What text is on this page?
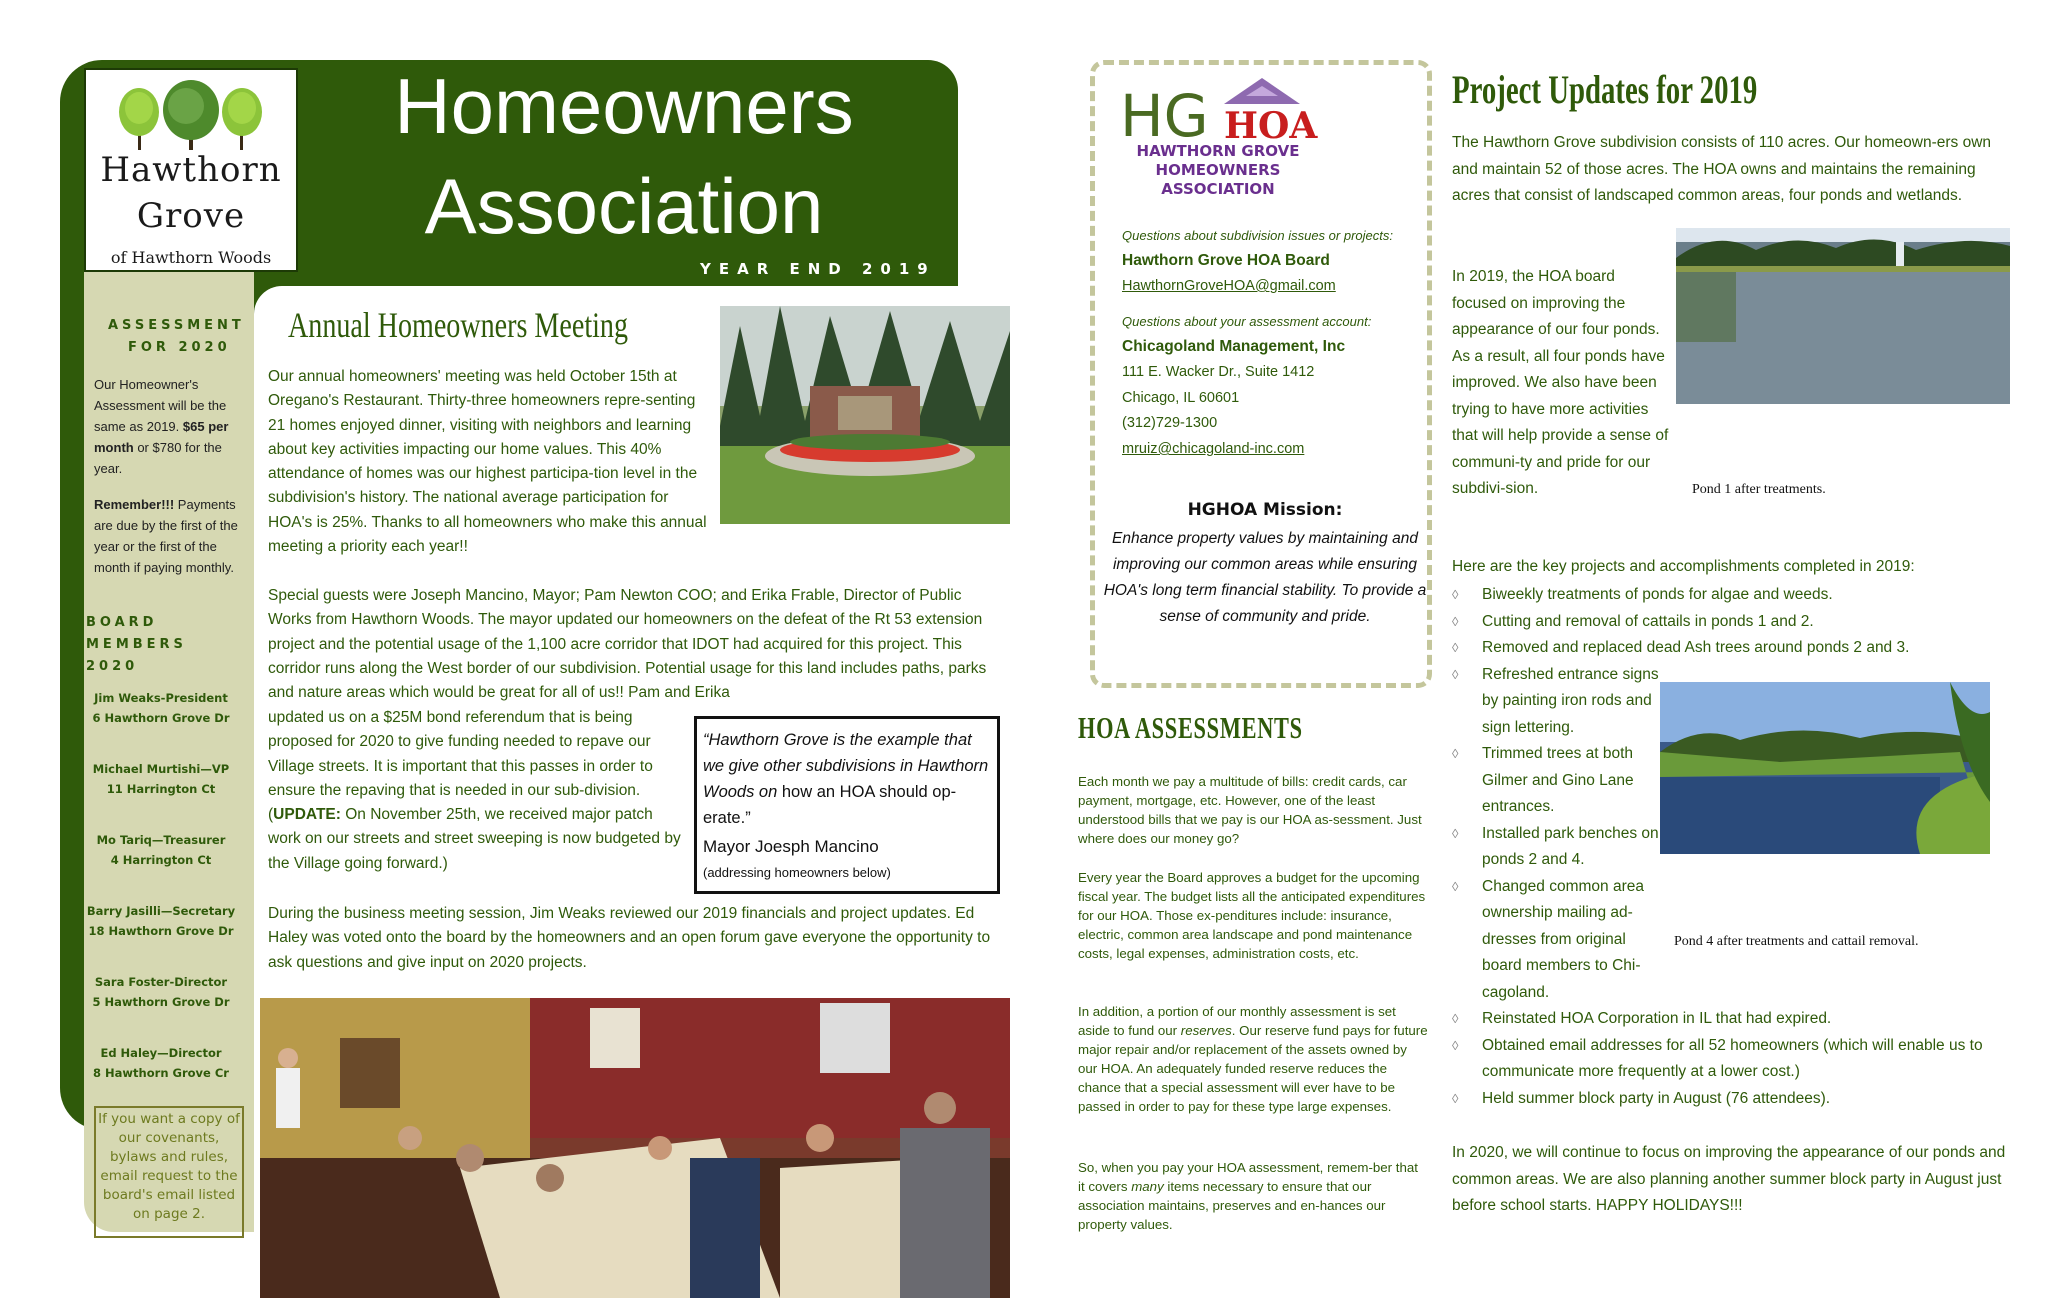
Hawthorn
Grove
of Hawthorn Woods
Homeowners
Association
YEAR END 2019
ASSESSMENT
FOR 2020
Our Homeowner's Assessment will be the same as 2019. $65 per month or $780 for the year.
Remember!!! Payments are due by the first of the year or the first of the month if paying monthly.
BOARD
MEMBERS
2020
Jim Weaks-President
6 Hawthorn Grove Dr
Michael Murtishi—VP
11 Harrington Ct
Mo Tariq—Treasurer
4 Harrington Ct
Barry Jasilli—Secretary
18 Hawthorn Grove Dr
Sara Foster-Director
5 Hawthorn Grove Dr
Ed Haley—Director
8 Hawthorn Grove Cr
If you want a copy of our covenants, bylaws and rules, email request to the board's email listed on page 2.
Annual Homeowners Meeting
Our annual homeowners' meeting was held October 15th at Oregano's Restaurant. Thirty-three homeowners repre-senting 21 homes enjoyed dinner, visiting with neighbors and learning about key activities impacting our home values. This 40% attendance of homes was our highest participa-tion level in the subdivision's history. The national average participation for HOA's is 25%. Thanks to all homeowners who make this annual meeting a priority each year!!
Special guests were Joseph Mancino, Mayor; Pam Newton COO; and Erika Frable, Director of Public Works from Hawthorn Woods. The mayor updated our homeowners on the defeat of the Rt 53 extension project and the potential usage of the 1,100 acre corridor that IDOT had acquired for this project. This corridor runs along the West border of our subdivision. Potential usage for this land includes paths, parks and nature areas which would be great for all of us!! Pam and Erika
updated us on a $25M bond referendum that is being proposed for 2020 to give funding needed to repave our Village streets. It is important that this passes in order to ensure the repaving that is needed in our sub-division. (UPDATE: On November 25th, we received major patch work on our streets and street sweeping is now budgeted by the Village going forward.)
“Hawthorn Grove is the example that we give other subdivisions in Hawthorn Woods on how an HOA should op-erate.”
Mayor Joesph Mancino
(addressing homeowners below)
During the business meeting session, Jim Weaks reviewed our 2019 financials and project updates. Ed Haley was voted onto the board by the homeowners and an open forum gave everyone the opportunity to ask questions and give input on 2020 projects.
HG HOA
HAWTHORN GROVE
HOMEOWNERS
ASSOCIATION
Questions about subdivision issues or projects:
Hawthorn Grove HOA Board
HawthornGroveHOA@gmail.com
Questions about your assessment account:
Chicagoland Management, Inc
111 E. Wacker Dr., Suite 1412
Chicago, IL 60601
(312)729-1300
mruiz@chicagoland-inc.com
HGHOA Mission:
Enhance property values by maintaining and improving our common areas while ensuring HOA's long term financial stability. To provide a sense of community and pride.
HOA ASSESSMENTS
Each month we pay a multitude of bills: credit cards, car payment, mortgage, etc. However, one of the least understood bills that we pay is our HOA as-sessment. Just where does our money go?
Every year the Board approves a budget for the upcoming fiscal year. The budget lists all the anticipated expenditures for our HOA. Those ex-penditures include: insurance, electric, common area landscape and pond maintenance costs, legal expenses, administration costs, etc.
In addition, a portion of our monthly assessment is set aside to fund our reserves. Our reserve fund pays for future major repair and/or replacement of the assets owned by our HOA. An adequately funded reserve reduces the chance that a special assessment will ever have to be passed in order to pay for these type large expenses.
So, when you pay your HOA assessment, remem-ber that it covers many items necessary to ensure that our association maintains, preserves and en-hances our property values.
Project Updates for 2019
The Hawthorn Grove subdivision consists of 110 acres. Our homeown-ers own and maintain 52 of those acres. The HOA owns and maintains the remaining acres that consist of landscaped common areas, four ponds and wetlands.
In 2019, the HOA board focused on improving the appearance of our four ponds. As a result, all four ponds have improved. We also have been trying to have more activities that will help provide a sense of communi-ty and pride for our subdivi-sion.	Pond 1 after treatments.
Here are the key projects and accomplishments completed in 2019:
◊ Biweekly treatments of ponds for algae and weeds.
◊ Cutting and removal of cattails in ponds 1 and 2.
◊ Removed and replaced dead Ash trees around ponds 2 and 3.
◊ Refreshed entrance signs by painting iron rods and sign lettering.
◊ Trimmed trees at both Gilmer and Gino Lane entrances.
◊ Installed park benches on ponds 2 and 4.
◊ Changed common area ownership mailing ad-dresses from original board members to Chi-cagoland.
◊ Reinstated HOA Corporation in IL that had expired.
◊ Obtained email addresses for all 52 homeowners (which will enable us to communicate more frequently at a lower cost.)
◊ Held summer block party in August (76 attendees).
Pond 4 after treatments and cattail removal.
In 2020, we will continue to focus on improving the appearance of our ponds and common areas. We are also planning another summer block party in August just before school starts. HAPPY HOLIDAYS!!!
